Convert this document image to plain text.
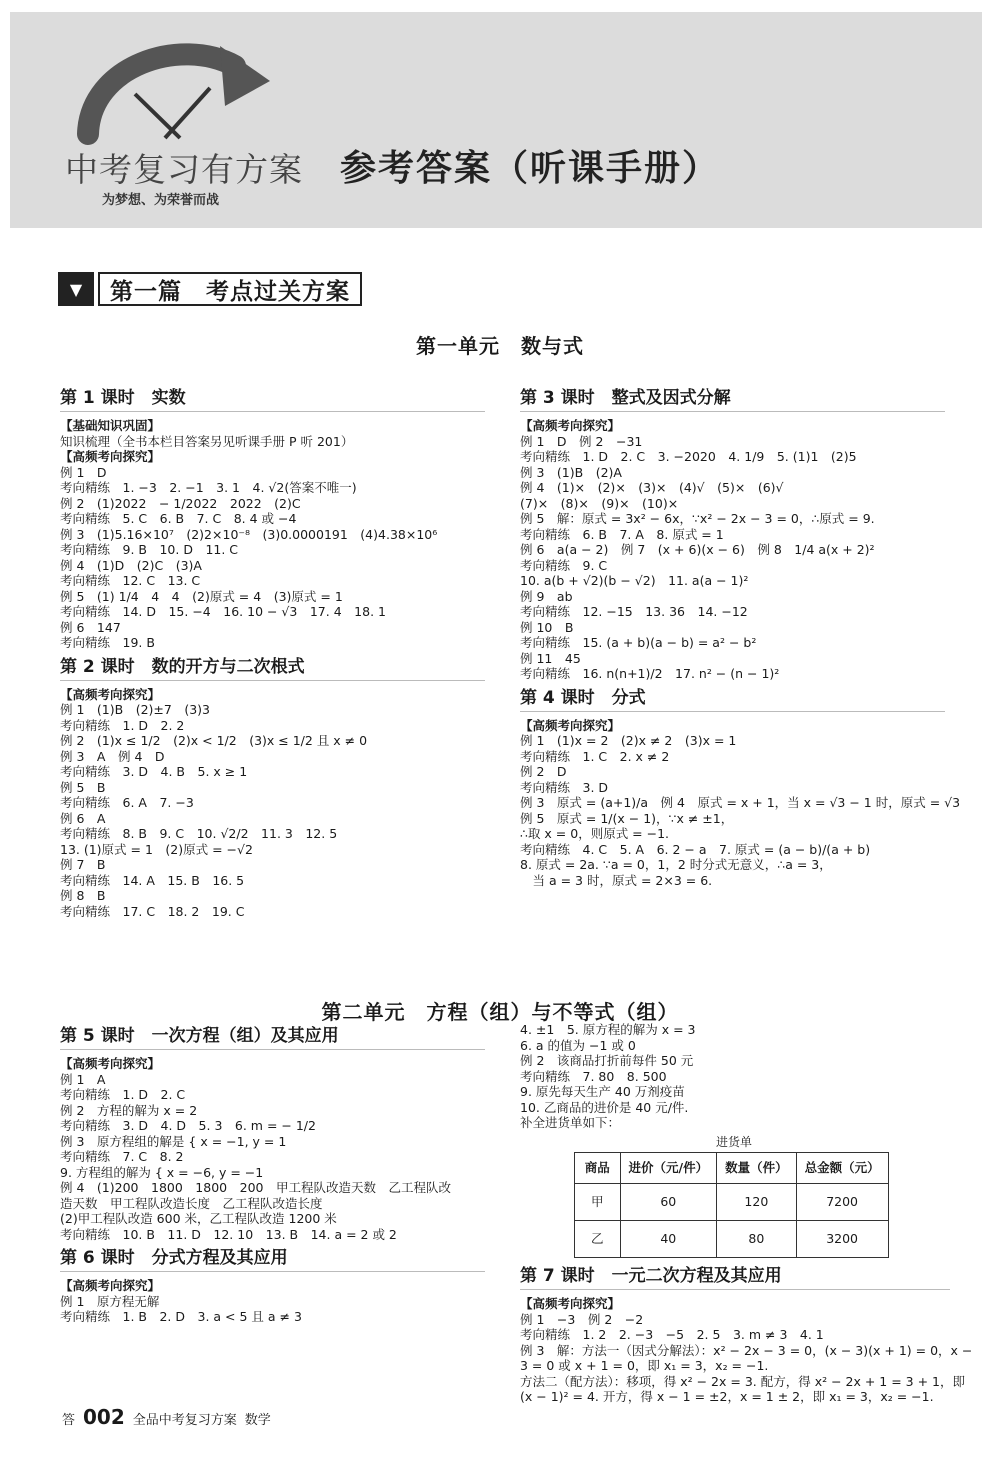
中考复习有方案
为梦想、为荣誉而战
参考答案（听课手册）
▼	第一篇　考点过关方案
第一单元　数与式
第 1 课时　实数
【基础知识巩固】
知识梳理（全书本栏目答案另见听课手册 P 听 201）
【高频考向探究】
例 1　D
考向精练　1. −3　2. −1　3. 1　4. √2(答案不唯一)
例 2　(1)2022　− 1/2022　2022　(2)C
考向精练　5. C　6. B　7. C　8. 4 或 −4
例 3　(1)5.16×10⁷　(2)2×10⁻⁸　(3)0.0000191　(4)4.38×10⁶
考向精练　9. B　10. D　11. C
例 4　(1)D　(2)C　(3)A
考向精练　12. C　13. C
例 5　(1) 1/4　4　4　(2)原式 = 4　(3)原式 = 1
考向精练　14. D　15. −4　16. 10 − √3　17. 4　18. 1
例 6　147
考向精练　19. B
第 2 课时　数的开方与二次根式
【高频考向探究】
例 1　(1)B　(2)±7　(3)3
考向精练　1. D　2. 2
例 2　(1)x ≤ 1/2　(2)x < 1/2　(3)x ≤ 1/2 且 x ≠ 0
例 3　A　例 4　D
考向精练　3. D　4. B　5. x ≥ 1
例 5　B
考向精练　6. A　7. −3
例 6　A
考向精练　8. B　9. C　10. √2/2　11. 3　12. 5
13. (1)原式 = 1　(2)原式 = −√2
例 7　B
考向精练　14. A　15. B　16. 5
例 8　B
考向精练　17. C　18. 2　19. C
第 3 课时　整式及因式分解
【高频考向探究】
例 1　D　例 2　−31
考向精练　1. D　2. C　3. −2020　4. 1/9　5. (1)1　(2)5
例 3　(1)B　(2)A
例 4　(1)×　(2)×　(3)×　(4)√　(5)×　(6)√
(7)×　(8)×　(9)×　(10)×
例 5　解：原式 = 3x² − 6x，∵x² − 2x − 3 = 0，∴原式 = 9.
考向精练　6. B　7. A　8. 原式 = 1
例 6　a(a − 2)　例 7　(x + 6)(x − 6)　例 8　1/4 a(x + 2)²
考向精练　9. C
10. a(b + √2)(b − √2)　11. a(a − 1)²
例 9　ab
考向精练　12. −15　13. 36　14. −12
例 10　B
考向精练　15. (a + b)(a − b) = a² − b²
例 11　45
考向精练　16. n(n+1)/2　17. n² − (n − 1)²
第 4 课时　分式
【高频考向探究】
例 1　(1)x = 2　(2)x ≠ 2　(3)x = 1
考向精练　1. C　2. x ≠ 2
例 2　D
考向精练　3. D
例 3　原式 = (a+1)/a　例 4　原式 = x + 1，当 x = √3 − 1 时，原式 = √3
例 5　原式 = 1/(x − 1)，∵x ≠ ±1，
∴取 x = 0，则原式 = −1.
考向精练　4. C　5. A　6. 2 − a　7. 原式 = (a − b)/(a + b)
8. 原式 = 2a. ∵a = 0，1，2 时分式无意义，∴a = 3，
　当 a = 3 时，原式 = 2×3 = 6.
第二单元　方程（组）与不等式（组）
第 5 课时　一次方程（组）及其应用
【高频考向探究】
例 1　A
考向精练　1. D　2. C
例 2　方程的解为 x = 2
考向精练　3. D　4. D　5. 3　6. m = − 1/2
例 3　原方程组的解是 { x = −1, y = 1
考向精练　7. C　8. 2
9. 方程组的解为 { x = −6, y = −1
例 4　(1)200　1800　1800　200　甲工程队改造天数　乙工程队改
造天数　甲工程队改造长度　乙工程队改造长度
(2)甲工程队改造 600 米，乙工程队改造 1200 米
考向精练　10. B　11. D　12. 10　13. B　14. a = 2 或 2
第 6 课时　分式方程及其应用
【高频考向探究】
例 1　原方程无解
考向精练　1. B　2. D　3. a < 5 且 a ≠ 3
4. ±1　5. 原方程的解为 x = 3
6. a 的值为 −1 或 0
例 2　该商品打折前每件 50 元
考向精练　7. 80　8. 500
9. 原先每天生产 40 万剂疫苗
10. 乙商品的进价是 40 元/件.
补全进货单如下：
进货单
商品	进价（元/件）	数量（件）	总金额（元）
甲	60	120	7200
乙	40	80	3200
第 7 课时　一元二次方程及其应用
【高频考向探究】
例 1　−3　例 2　−2
考向精练　1. 2　2. −3　−5　2. 5　3. m ≠ 3　4. 1
例 3　解：方法一（因式分解法）：x² − 2x − 3 = 0，(x − 3)(x + 1) = 0，x −
3 = 0 或 x + 1 = 0，即 x₁ = 3，x₂ = −1.
方法二（配方法）：移项，得 x² − 2x = 3. 配方，得 x² − 2x + 1 = 3 + 1，即
(x − 1)² = 4. 开方，得 x − 1 = ±2，x = 1 ± 2，即 x₁ = 3，x₂ = −1.
答 002 全品中考复习方案 数学
